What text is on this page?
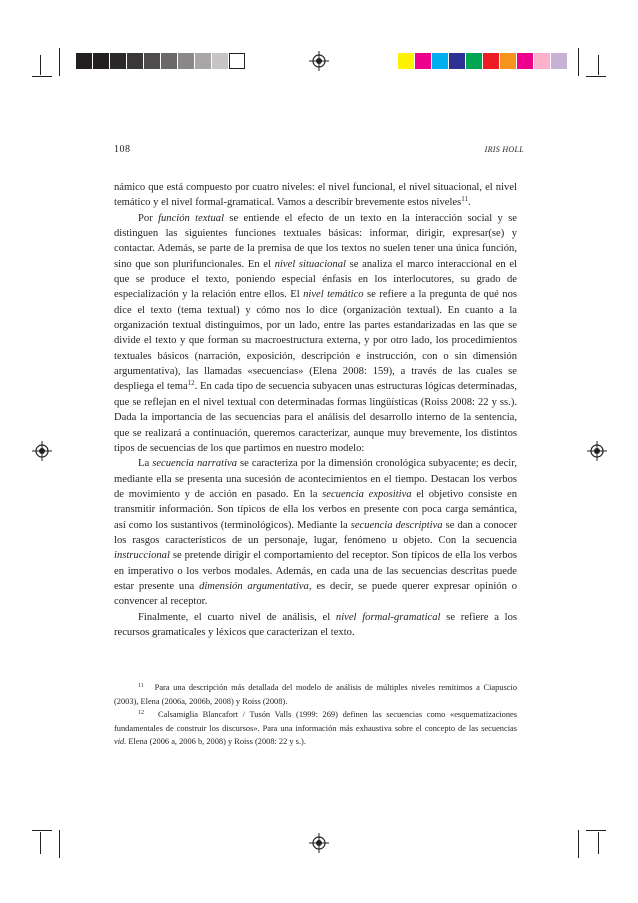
108	IRIS HOLL

námico que está compuesto por cuatro niveles: el nivel funcional, el nivel situacional, el nivel temático y el nivel formal-gramatical. Vamos a describir brevemente estos niveles$^{11}$.

Por función textual se entiende el efecto de un texto en la interacción social y se distinguen las siguientes funciones textuales básicas: informar, dirigir, expresar(se) y contactar. Además, se parte de la premisa de que los textos no suelen tener una única función, sino que son plurifuncionales. En el nivel situacional se analiza el marco interaccional en el que se produce el texto, poniendo especial énfasis en los interlocutores, su grado de especialización y la relación entre ellos. El nivel temático se refiere a la pregunta de qué nos dice el texto (tema textual) y cómo nos lo dice (organización textual). En cuanto a la organización textual distinguimos, por un lado, entre las partes estandarizadas en las que se divide el texto y que forman su macroestructura externa, y por otro lado, los procedimientos textuales básicos (narración, exposición, descripción e instrucción, con o sin dimensión argumentativa), las llamadas «secuencias» (Elena 2008: 159), a través de las cuales se despliega el tema$^{12}$. En cada tipo de secuencia subyacen unas estructuras lógicas determinadas, que se reflejan en el nivel textual con determinadas formas lingüísticas (Roiss 2008: 22 y ss.). Dada la importancia de las secuencias para el análisis del desarrollo interno de la sentencia, que se realizará a continuación, queremos caracterizar, aunque muy brevemente, los distintos tipos de secuencias de los que partimos en nuestro modelo:

La secuencia narrativa se caracteriza por la dimensión cronológica subyacente; es decir, mediante ella se presenta una sucesión de acontecimientos en el tiempo. Destacan los verbos de movimiento y de acción en pasado. En la secuencia expositiva el objetivo consiste en transmitir información. Son típicos de ella los verbos en presente con poca carga semántica, así como los sustantivos (terminológicos). Mediante la secuencia descriptiva se dan a conocer los rasgos característicos de un personaje, lugar, fenómeno u objeto. Con la secuencia instruccional se pretende dirigir el comportamiento del receptor. Son típicos de ella los verbos en imperativo o los verbos modales. Además, en cada una de las secuencias descritas puede estar presente una dimensión argumentativa, es decir, se puede querer expresar opinión o convencer al receptor.

Finalmente, el cuarto nivel de análisis, el nivel formal-gramatical se refiere a los recursos gramaticales y léxicos que caracterizan el texto.

$^{11}$ Para una descripción más detallada del modelo de análisis de múltiples niveles remitimos a Ciapuscio (2003), Elena (2006a, 2006b, 2008) y Roiss (2008).

$^{12}$ Calsamiglia Blancafort / Tusón Valls (1999: 269) definen las secuencias como «esquematizaciones fundamentales de construir los discursos». Para una información más exhaustiva sobre el concepto de las secuencias vid. Elena (2006 a, 2006 b, 2008) y Roiss (2008: 22 y s.).
